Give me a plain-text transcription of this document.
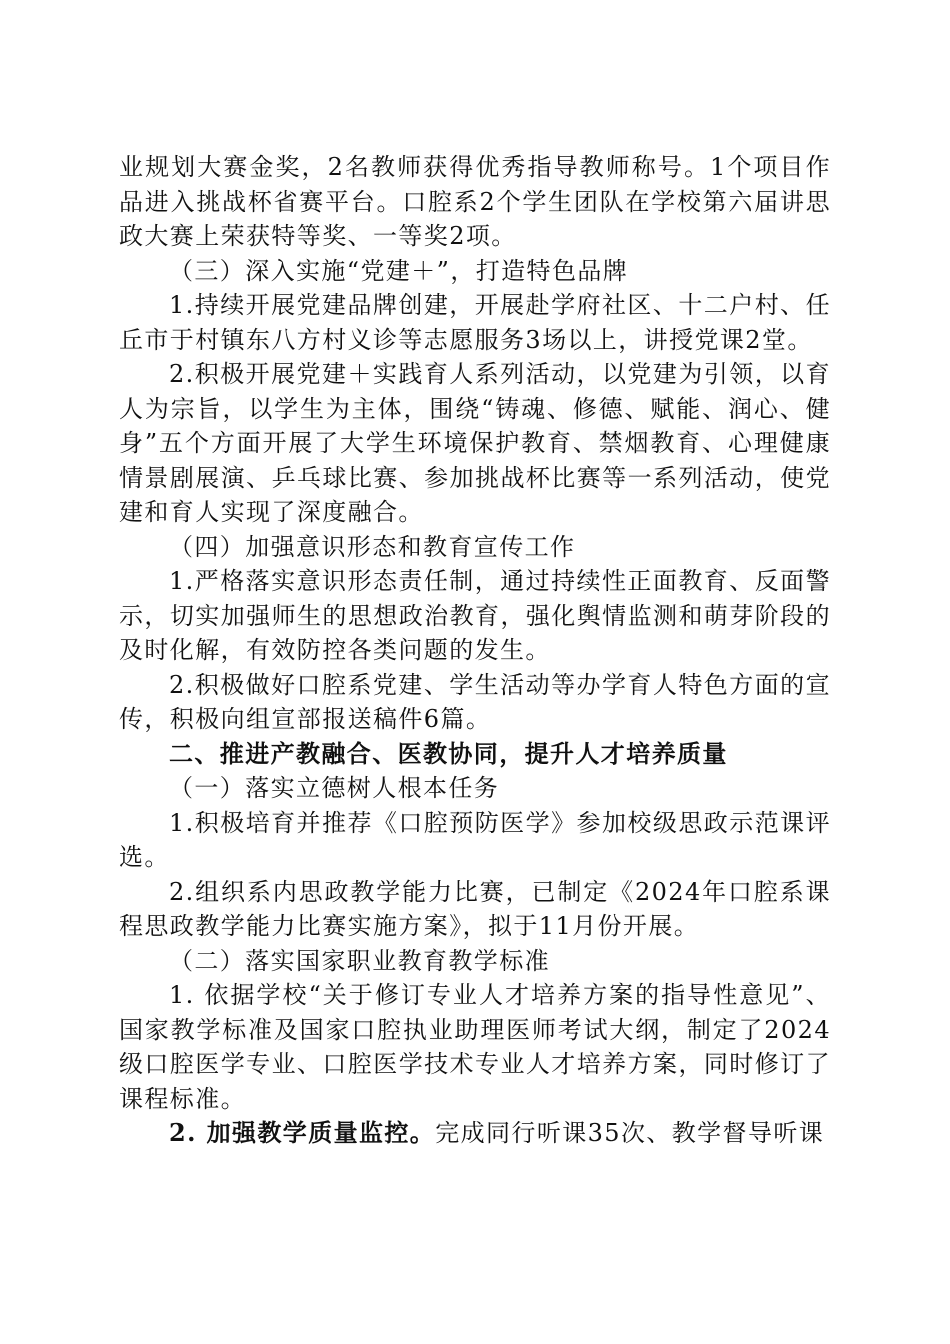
业规划大赛金奖，2名教师获得优秀指导教师称号。1个项目作品进入挑战杯省赛平台。口腔系2个学生团队在学校第六届讲思政大赛上荣获特等奖、一等奖2项。

（三）深入实施“党建＋”，打造特色品牌

1.持续开展党建品牌创建，开展赴学府社区、十二户村、任丘市于村镇东八方村义诊等志愿服务3场以上，讲授党课2堂。

2.积极开展党建＋实践育人系列活动，以党建为引领，以育人为宗旨，以学生为主体，围绕“铸魂、修德、赋能、润心、健身”五个方面开展了大学生环境保护教育、禁烟教育、心理健康情景剧展演、乒乓球比赛、参加挑战杯比赛等一系列活动，使党建和育人实现了深度融合。

（四）加强意识形态和教育宣传工作

1.严格落实意识形态责任制，通过持续性正面教育、反面警示，切实加强师生的思想政治教育，强化舆情监测和萌芽阶段的及时化解，有效防控各类问题的发生。

2.积极做好口腔系党建、学生活动等办学育人特色方面的宣传，积极向组宣部报送稿件6篇。

二、推进产教融合、医教协同，提升人才培养质量

（一）落实立德树人根本任务

1.积极培育并推荐《口腔预防医学》参加校级思政示范课评选。

2.组织系内思政教学能力比赛，已制定《2024年口腔系课程思政教学能力比赛实施方案》，拟于11月份开展。

（二）落实国家职业教育教学标准

1. 依据学校“关于修订专业人才培养方案的指导性意见”、国家教学标准及国家口腔执业助理医师考试大纲，制定了2024级口腔医学专业、口腔医学技术专业人才培养方案，同时修订了课程标准。

2. 加强教学质量监控。完成同行听课35次、教学督导听课
